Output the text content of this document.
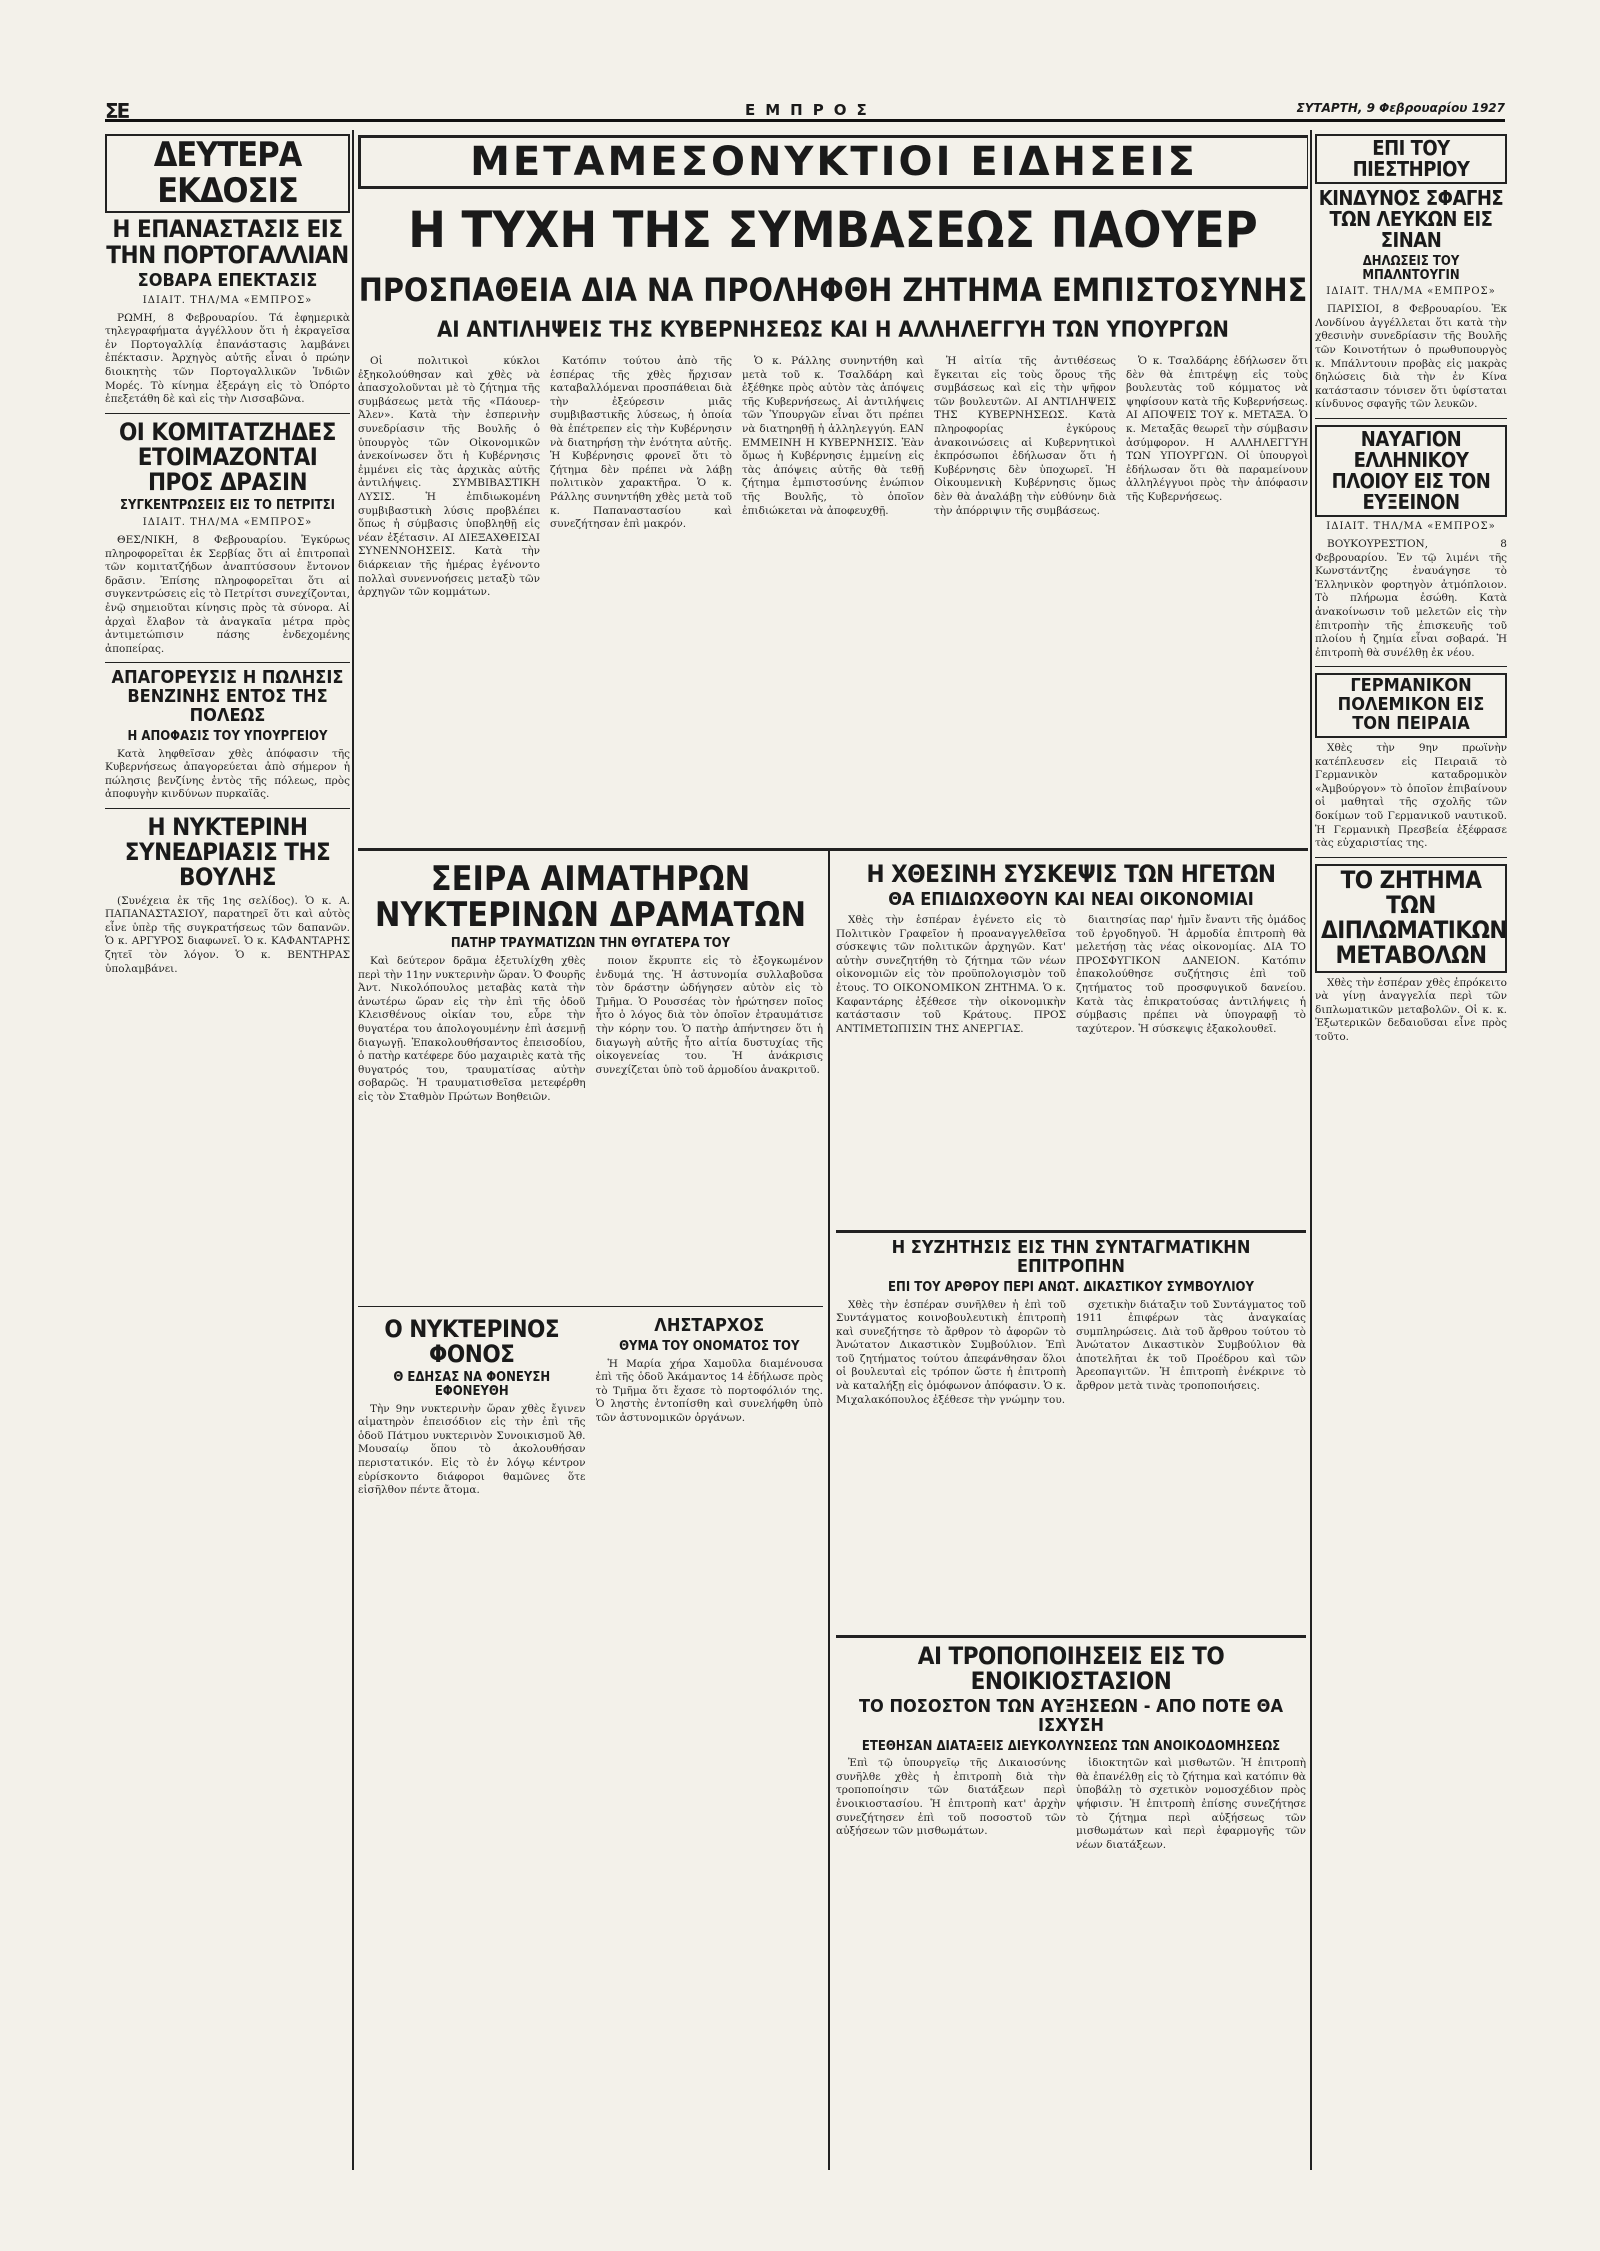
ΣΕ	ΕΜΠΡΟΣ	ΣΥΤΑΡΤΗ, 9 Φεβρουαρίου 1927
ΔΕΥΤΕΡΑ ΕΚΔΟΣΙΣ
Η ΕΠΑΝΑΣΤΑΣΙΣ ΕΙΣ ΤΗΝ ΠΟΡΤΟΓΑΛΛΙΑΝ
ΣΟΒΑΡΑ ΕΠΕΚΤΑΣΙΣ
ΙΔΙΑΙΤ. ΤΗΛ/ΜΑ «ΕΜΠΡΟΣ»

ΡΩΜΗ, 8 Φεβρουαρίου. Τά ἐφημερικὰ τηλεγραφήματα ἀγγέλλουν ὅτι ἡ ἐκραγεῖσα ἐν Πορτογαλλίᾳ ἐπανάστασις λαμβάνει ἐπέκτασιν. Ἀρχηγὸς αὐτῆς εἶναι ὁ πρώην διοικητὴς τῶν Πορτογαλλικῶν Ἰνδιῶν Μορές. Τὸ κίνημα ἐξεράγη εἰς τὸ Ὀπόρτο ἐπεξετάθη δὲ καὶ εἰς τὴν Λισσαβῶνα.

ΟΙ ΚΟΜΙΤΑΤΖΗΔΕΣ ΕΤΟΙΜΑΖΟΝΤΑΙ ΠΡΟΣ ΔΡΑΣΙΝ
ΣΥΓΚΕΝΤΡΩΣΕΙΣ ΕΙΣ ΤΟ ΠΕΤΡΙΤΣΙ
ΙΔΙΑΙΤ. ΤΗΛ/ΜΑ «ΕΜΠΡΟΣ»

ΘΕΣ/ΝΙΚΗ, 8 Φεβρουαρίου. Ἐγκύρως πληροφορεῖται ἐκ Σερβίας ὅτι αἱ ἐπιτροπαὶ τῶν κομιτατζήδων ἀναπτύσσουν ἔντονον δρᾶσιν. Ἐπίσης πληροφορεῖται ὅτι αἱ συγκεντρώσεις εἰς τὸ Πετρίτσι συνεχίζονται, ἐνῷ σημειοῦται κίνησις πρὸς τὰ σύνορα. Αἱ ἀρχαὶ ἔλαβον τὰ ἀναγκαῖα μέτρα πρὸς ἀντιμετώπισιν πάσης ἐνδεχομένης ἀποπείρας.

ΑΠΑΓΟΡΕΥΣΙΣ Η ΠΩΛΗΣΙΣ ΒΕΝΖΙΝΗΣ ΕΝΤΟΣ ΤΗΣ ΠΟΛΕΩΣ
Η ΑΠΟΦΑΣΙΣ ΤΟΥ ΥΠΟΥΡΓΕΙΟΥ

Κατὰ ληφθεῖσαν χθὲς ἀπόφασιν τῆς Κυβερνήσεως ἀπαγορεύεται ἀπὸ σήμερον ἡ πώλησις βενζίνης ἐντὸς τῆς πόλεως, πρὸς ἀποφυγὴν κινδύνων πυρκαϊᾶς.

Η ΝΥΚΤΕΡΙΝΗ ΣΥΝΕΔΡΙΑΣΙΣ ΤΗΣ ΒΟΥΛΗΣ

(Συνέχεια ἐκ τῆς 1ης σελίδος). Ὁ κ. Α. ΠΑΠΑΝΑΣΤΑΣΙΟΥ, παρατηρεῖ ὅτι καὶ αὐτὸς εἶνε ὑπὲρ τῆς συγκρατήσεως τῶν δαπανῶν. Ὁ κ. ΑΡΓΥΡΟΣ διαφωνεῖ. Ὁ κ. ΚΑΦΑΝΤΑΡΗΣ ζητεῖ τὸν λόγον. Ὁ κ. ΒΕΝΤΗΡΑΣ ὑπολαμβάνει.

ΜΕΤΑΜΕΣΟΝΥΚΤΙΟΙ ΕΙΔΗΣΕΙΣ
Η ΤΥΧΗ ΤΗΣ ΣΥΜΒΑΣΕΩΣ ΠΑΟΥΕΡ
ΠΡΟΣΠΑΘΕΙΑ ΔΙΑ ΝΑ ΠΡΟΛΗΦΘΗ ΖΗΤΗΜΑ ΕΜΠΙΣΤΟΣΥΝΗΣ
ΑΙ ΑΝΤΙΛΗΨΕΙΣ ΤΗΣ ΚΥΒΕΡΝΗΣΕΩΣ ΚΑΙ Η ΑΛΛΗΛΕΓΓΥΗ ΤΩΝ ΥΠΟΥΡΓΩΝ

Οἱ πολιτικοὶ κύκλοι ἐξηκολούθησαν καὶ χθὲς νὰ ἀπασχολοῦνται μὲ τὸ ζήτημα τῆς συμβάσεως μετὰ τῆς «Πάουερ-Ἀλεν». Κατὰ τὴν ἑσπερινὴν συνεδρίασιν τῆς Βουλῆς ὁ ὑπουργὸς τῶν Οἰκονομικῶν ἀνεκοίνωσεν ὅτι ἡ Κυβέρνησις ἐμμένει εἰς τὰς ἀρχικὰς αὐτῆς ἀντιλήψεις. ΣΥΜΒΙΒΑΣΤΙΚΗ ΛΥΣΙΣ. Ἡ ἐπιδιωκομένη συμβιβαστικὴ λύσις προβλέπει ὅπως ἡ σύμβασις ὑποβληθῇ εἰς νέαν ἐξέτασιν. ΑΙ ΔΙΕΞΑΧΘΕΙΣΑΙ ΣΥΝΕΝΝΟΗΣΕΙΣ. Κατὰ τὴν διάρκειαν τῆς ἡμέρας ἐγένοντο πολλαὶ συνεννοήσεις μεταξὺ τῶν ἀρχηγῶν τῶν κομμάτων.

Κατόπιν τούτου ἀπὸ τῆς ἑσπέρας τῆς χθὲς ἤρχισαν καταβαλλόμεναι προσπάθειαι διὰ τὴν ἐξεύρεσιν μιᾶς συμβιβαστικῆς λύσεως, ἡ ὁποία θὰ ἐπέτρεπεν εἰς τὴν Κυβέρνησιν νὰ διατηρήσῃ τὴν ἑνότητα αὐτῆς. Ἡ Κυβέρνησις φρονεῖ ὅτι τὸ ζήτημα δὲν πρέπει νὰ λάβῃ πολιτικὸν χαρακτῆρα. Ὁ κ. Ράλλης συνηντήθη χθὲς μετὰ τοῦ κ. Παπαναστασίου καὶ συνεζήτησαν ἐπὶ μακρόν.

Ὁ κ. Ράλλης συνηντήθη καὶ μετὰ τοῦ κ. Τσαλδάρη καὶ ἐξέθηκε πρὸς αὐτὸν τὰς ἀπόψεις τῆς Κυβερνήσεως. Αἱ ἀντιλήψεις τῶν Ὑπουργῶν εἶναι ὅτι πρέπει νὰ διατηρηθῇ ἡ ἀλληλεγγύη. ΕΑΝ ΕΜΜΕΙΝΗ Η ΚΥΒΕΡΝΗΣΙΣ. Ἐὰν ὅμως ἡ Κυβέρνησις ἐμμείνῃ εἰς τὰς ἀπόψεις αὐτῆς θὰ τεθῇ ζήτημα ἐμπιστοσύνης ἐνώπιον τῆς Βουλῆς, τὸ ὁποῖον ἐπιδιώκεται νὰ ἀποφευχθῇ.

Ἡ αἰτία τῆς ἀντιθέσεως ἔγκειται εἰς τοὺς ὅρους τῆς συμβάσεως καὶ εἰς τὴν ψῆφον τῶν βουλευτῶν. ΑΙ ΑΝΤΙΛΗΨΕΙΣ ΤΗΣ ΚΥΒΕΡΝΗΣΕΩΣ. Κατὰ πληροφορίας ἐγκύρους ἀνακοινώσεις αἱ Κυβερνητικοὶ ἐκπρόσωποι ἐδήλωσαν ὅτι ἡ Κυβέρνησις δὲν ὑποχωρεῖ. Ἡ Οἰκουμενικὴ Κυβέρνησις ὅμως δὲν θὰ ἀναλάβῃ τὴν εὐθύνην διὰ τὴν ἀπόρριψιν τῆς συμβάσεως.

Ὁ κ. Τσαλδάρης ἐδήλωσεν ὅτι δὲν θὰ ἐπιτρέψῃ εἰς τοὺς βουλευτὰς τοῦ κόμματος νὰ ψηφίσουν κατὰ τῆς Κυβερνήσεως. ΑΙ ΑΠΟΨΕΙΣ ΤΟΥ κ. ΜΕΤΑΞΑ. Ὁ κ. Μεταξᾶς θεωρεῖ τὴν σύμβασιν ἀσύμφορον. Η ΑΛΛΗΛΕΓΓΥΗ ΤΩΝ ΥΠΟΥΡΓΩΝ. Οἱ ὑπουργοὶ ἐδήλωσαν ὅτι θὰ παραμείνουν ἀλληλέγγυοι πρὸς τὴν ἀπόφασιν τῆς Κυβερνήσεως.

ΣΕΙΡΑ ΑΙΜΑΤΗΡΩΝ ΝΥΚΤΕΡΙΝΩΝ ΔΡΑΜΑΤΩΝ
ΠΑΤΗΡ ΤΡΑΥΜΑΤΙΖΩΝ ΤΗΝ ΘΥΓΑΤΕΡΑ ΤΟΥ

Καὶ δεύτερον δρᾶμα ἐξετυλίχθη χθὲς περὶ τὴν 11ην νυκτερινὴν ὥραν. Ὁ Φουρῆς Ἀντ. Νικολόπουλος μεταβὰς κατὰ τὴν ἀνωτέρω ὥραν εἰς τὴν ἐπὶ τῆς ὁδοῦ Κλεισθένους οἰκίαν του, εὗρε τὴν θυγατέρα του ἀπολογουμένην ἐπὶ ἀσεμνῇ διαγωγῇ. Ἐπακολουθήσαντος ἐπεισοδίου, ὁ πατὴρ κατέφερε δύο μαχαιριὲς κατὰ τῆς θυγατρός του, τραυματίσας αὐτὴν σοβαρῶς. Ἡ τραυματισθεῖσα μετεφέρθη εἰς τὸν Σταθμὸν Πρώτων Βοηθειῶν.

ποιον ἔκρυπτε εἰς τὸ ἐξογκωμένον ἐνδυμά της. Ἡ ἀστυνομία συλλαβοῦσα τὸν δράστην ὡδήγησεν αὐτὸν εἰς τὸ Τμῆμα. Ὁ Ρουσσέας τὸν ἠρώτησεν ποῖος ἦτο ὁ λόγος διὰ τὸν ὁποῖον ἐτραυμάτισε τὴν κόρην του. Ὁ πατὴρ ἀπήντησεν ὅτι ἡ διαγωγὴ αὐτῆς ἦτο αἰτία δυστυχίας τῆς οἰκογενείας του. Ἡ ἀνάκρισις συνεχίζεται ὑπὸ τοῦ ἀρμοδίου ἀνακριτοῦ.

Ο ΝΥΚΤΕΡΙΝΟΣ ΦΟΝΟΣ
Θ ΕΔΗΣΑΣ ΝΑ ΦΟΝΕΥΣΗ ΕΦΟΝΕΥΘΗ

Τὴν 9ην νυκτερινὴν ὥραν χθὲς ἔγινεν αἱματηρὸν ἐπεισόδιον εἰς τὴν ἐπὶ τῆς ὁδοῦ Πάτμου νυκτερινὸν Συνοικισμοῦ Ἀθ. Μουσαίῳ ὅπου τὸ ἀκολουθήσαν περιστατικόν. Εἰς τὸ ἐν λόγῳ κέντρον εὑρίσκοντο διάφοροι θαμῶνες ὅτε εἰσῆλθον πέντε ἄτομα.

ΛΗΣΤΑΡΧΟΣ
ΘΥΜΑ ΤΟΥ ΟΝΟΜΑΤΟΣ ΤΟΥ

Ἡ Μαρία χήρα Χαμοῦλα διαμένουσα ἐπὶ τῆς ὁδοῦ Ἀκάμαντος 14 ἐδήλωσε πρὸς τὸ Τμῆμα ὅτι ἔχασε τὸ πορτοφόλιόν της. Ὁ ληστὴς ἐντοπίσθη καὶ συνελήφθη ὑπὸ τῶν ἀστυνομικῶν ὀργάνων.

Η ΧΘΕΣΙΝΗ ΣΥΣΚΕΨΙΣ ΤΩΝ ΗΓΕΤΩΝ
ΘΑ ΕΠΙΔΙΩΧΘΟΥΝ ΚΑΙ ΝΕΑΙ ΟΙΚΟΝΟΜΙΑΙ

Χθὲς τὴν ἑσπέραν ἐγένετο εἰς τὸ Πολιτικὸν Γραφεῖον ἡ προαναγγελθεῖσα σύσκεψις τῶν πολιτικῶν ἀρχηγῶν. Κατ' αὐτὴν συνεζητήθη τὸ ζήτημα τῶν νέων οἰκονομιῶν εἰς τὸν προϋπολογισμὸν τοῦ ἐτους. ΤΟ ΟΙΚΟΝΟΜΙΚΟΝ ΖΗΤΗΜΑ. Ὁ κ. Καφαντάρης ἐξέθεσε τὴν οἰκονομικὴν κατάστασιν τοῦ Κράτους. ΠΡΟΣ ΑΝΤΙΜΕΤΩΠΙΣΙΝ ΤΗΣ ΑΝΕΡΓΙΑΣ.

διαιτησίας παρ' ἡμῖν ἔναντι τῆς ὁμάδος τοῦ ἐργοδηγοῦ. Ἡ ἀρμοδία ἐπιτροπὴ θὰ μελετήσῃ τὰς νέας οἰκονομίας. ΔΙΑ ΤΟ ΠΡΟΣΦΥΓΙΚΟΝ ΔΑΝΕΙΟΝ. Κατόπιν ἐπακολούθησε συζήτησις ἐπὶ τοῦ ζητήματος τοῦ προσφυγικοῦ δανείου. Κατὰ τὰς ἐπικρατούσας ἀντιλήψεις ἡ σύμβασις πρέπει νὰ ὑπογραφῇ τὸ ταχύτερον. Ἡ σύσκεψις ἐξακολουθεῖ.

Η ΣΥΖΗΤΗΣΙΣ ΕΙΣ ΤΗΝ ΣΥΝΤΑΓΜΑΤΙΚΗΝ ΕΠΙΤΡΟΠΗΝ
ΕΠΙ ΤΟΥ ΑΡΘΡΟΥ ΠΕΡΙ ΑΝΩΤ. ΔΙΚΑΣΤΙΚΟΥ ΣΥΜΒΟΥΛΙΟΥ

Χθὲς τὴν ἑσπέραν συνῆλθεν ἡ ἐπὶ τοῦ Συντάγματος κοινοβουλευτικὴ ἐπιτροπὴ καὶ συνεζήτησε τὸ ἄρθρον τὸ ἀφορῶν τὸ Ἀνώτατον Δικαστικὸν Συμβούλιον. Ἐπὶ τοῦ ζητήματος τούτου ἀπεφάνθησαν ὅλοι οἱ βουλευταὶ εἰς τρόπον ὥστε ἡ ἐπιτροπὴ νὰ καταλήξῃ εἰς ὁμόφωνον ἀπόφασιν. Ὁ κ. Μιχαλακόπουλος ἐξέθεσε τὴν γνώμην του.

σχετικὴν διάταξιν τοῦ Συντάγματος τοῦ 1911 ἐπιφέρων τὰς ἀναγκαίας συμπληρώσεις. Διὰ τοῦ ἄρθρου τούτου τὸ Ἀνώτατον Δικαστικὸν Συμβούλιον θὰ ἀποτελῆται ἐκ τοῦ Προέδρου καὶ τῶν Ἀρεοπαγιτῶν. Ἡ ἐπιτροπὴ ἐνέκρινε τὸ ἄρθρον μετὰ τινὰς τροποποιήσεις.

ΑΙ ΤΡΟΠΟΠΟΙΗΣΕΙΣ ΕΙΣ ΤΟ ΕΝΟΙΚΙΟΣΤΑΣΙΟΝ
ΤΟ ΠΟΣΟΣΤΟΝ ΤΩΝ ΑΥΞΗΣΕΩΝ - ΑΠΟ ΠΟΤΕ ΘΑ ΙΣΧΥΣΗ
ΕΤΕΘΗΣΑΝ ΔΙΑΤΑΞΕΙΣ ΔΙΕΥΚΟΛΥΝΣΕΩΣ ΤΩΝ ΑΝΟΙΚΟΔΟΜΗΣΕΩΣ

Ἐπὶ τῷ ὑπουργεῖῳ τῆς Δικαιοσύνης συνῆλθε χθὲς ἡ ἐπιτροπὴ διὰ τὴν τροποποίησιν τῶν διατάξεων περὶ ἐνοικιοστασίου. Ἡ ἐπιτροπὴ κατ' ἀρχὴν συνεζήτησεν ἐπὶ τοῦ ποσοστοῦ τῶν αὐξήσεων τῶν μισθωμάτων.

ἰδιοκτητῶν καὶ μισθωτῶν. Ἡ ἐπιτροπὴ θὰ ἐπανέλθῃ εἰς τὸ ζήτημα καὶ κατόπιν θὰ ὑποβάλῃ τὸ σχετικὸν νομοσχέδιον πρὸς ψήφισιν. Ἡ ἐπιτροπὴ ἐπίσης συνεζήτησε τὸ ζήτημα περὶ αὐξήσεως τῶν μισθωμάτων καὶ περὶ ἐφαρμογῆς τῶν νέων διατάξεων.

ΕΠΙ ΤΟΥ ΠΙΕΣΤΗΡΙΟΥ
ΚΙΝΔΥΝΟΣ ΣΦΑΓΗΣ ΤΩΝ ΛΕΥΚΩΝ ΕΙΣ ΣΙΝΑΝ
ΔΗΛΩΣΕΙΣ ΤΟΥ ΜΠΑΛΝΤΟΥΓΙΝ
ΙΔΙΑΙΤ. ΤΗΛ/ΜΑ «ΕΜΠΡΟΣ»

ΠΑΡΙΣΙΟΙ, 8 Φεβρουαρίου. Ἐκ Λονδίνου ἀγγέλλεται ὅτι κατὰ τὴν χθεσινὴν συνεδρίασιν τῆς Βουλῆς τῶν Κοινοτήτων ὁ πρωθυπουργὸς κ. Μπάλντουιν προβὰς εἰς μακρὰς δηλώσεις διὰ τὴν ἐν Κίνα κατάστασιν τόνισεν ὅτι ὑφίσταται κίνδυνος σφαγῆς τῶν λευκῶν.

ΝΑΥΑΓΙΟΝ ΕΛΛΗΝΙΚΟΥ ΠΛΟΙΟΥ ΕΙΣ ΤΟΝ ΕΥΞΕΙΝΟΝ
ΙΔΙΑΙΤ. ΤΗΛ/ΜΑ «ΕΜΠΡΟΣ»

ΒΟΥΚΟΥΡΕΣΤΙΟΝ, 8 Φεβρουαρίου. Ἐν τῷ λιμένι τῆς Κωνστάντζης ἐναυάγησε τὸ Ἑλληνικὸν φορτηγὸν ἀτμόπλοιον. Τὸ πλήρωμα ἐσώθη. Κατὰ ἀνακοίνωσιν τοῦ μελετῶν εἰς τὴν ἐπιτροπὴν τῆς ἐπισκευῆς τοῦ πλοίου ἡ ζημία εἶναι σοβαρά. Ἡ ἐπιτροπὴ θὰ συνέλθῃ ἐκ νέου.

ΓΕΡΜΑΝΙΚΟΝ ΠΟΛΕΜΙΚΟΝ ΕΙΣ ΤΟΝ ΠΕΙΡΑΙΑ

Χθὲς τὴν 9ην πρωϊνὴν κατέπλευσεν εἰς Πειραιᾶ τὸ Γερμανικὸν καταδρομικὸν «Ἀμβούργον» τὸ ὁποῖον ἐπιβαίνουν οἱ μαθηταὶ τῆς σχολῆς τῶν δοκίμων τοῦ Γερμανικοῦ ναυτικοῦ. Ἡ Γερμανικὴ Πρεσβεία ἐξέφρασε τὰς εὐχαριστίας της.

ΤΟ ΖΗΤΗΜΑ ΤΩΝ ΔΙΠΛΩΜΑΤΙΚΩΝ ΜΕΤΑΒΟΛΩΝ

Χθὲς τὴν ἑσπέραν χθὲς ἐπρόκειτο νὰ γίνῃ ἀναγγελία περὶ τῶν διπλωματικῶν μεταβολῶν. Οἱ κ. κ. Ἐξωτερικῶν δεδαιοῦσαι εἶνε πρὸς τοῦτο.
